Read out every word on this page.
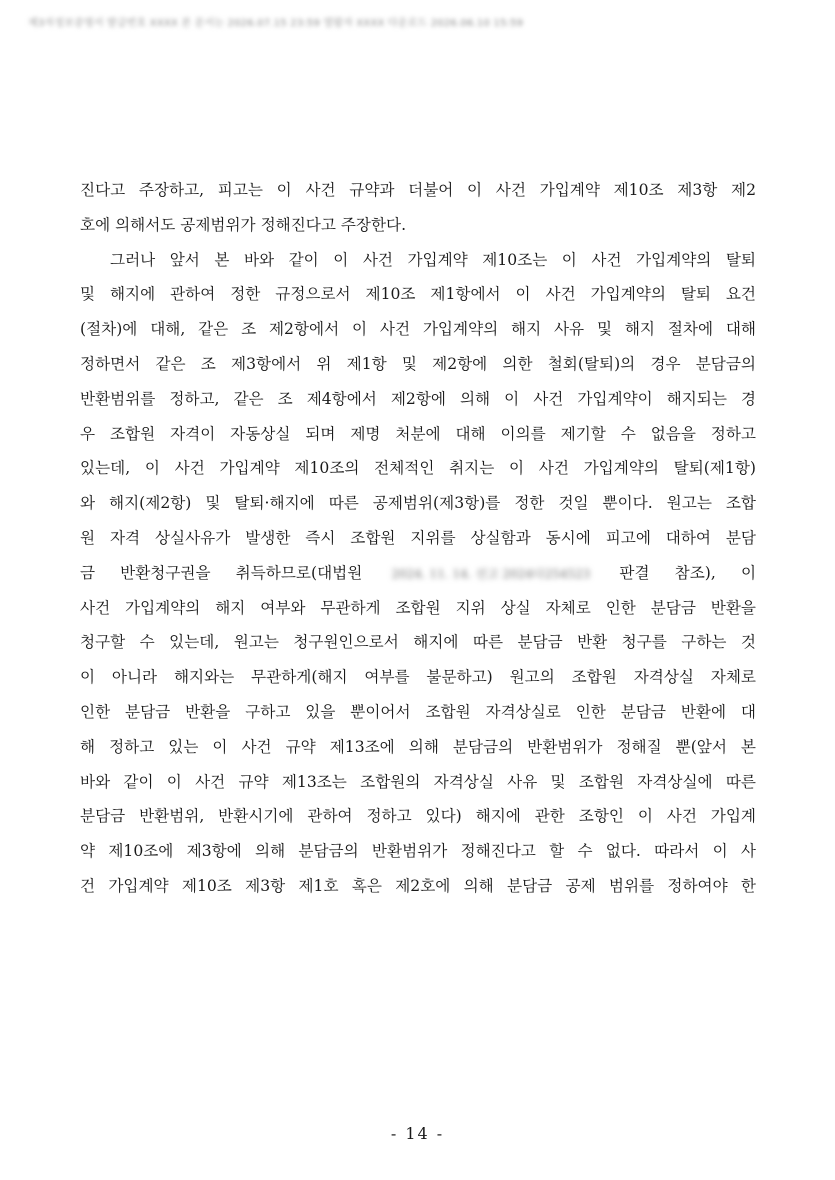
제3자정보증명서 발급번호 XXXX 본 문서는 2026.07.15 23:59 열람자 XXXX 다운로드 2026.06.10 15:59
진다고 주장하고, 피고는 이 사건 규약과 더불어 이 사건 가입계약 제10조 제3항 제2
호에 의해서도 공제범위가 정해진다고 주장한다.
그러나 앞서 본 바와 같이 이 사건 가입계약 제10조는 이 사건 가입계약의 탈퇴
및 해지에 관하여 정한 규정으로서 제10조 제1항에서 이 사건 가입계약의 탈퇴 요건
(절차)에 대해, 같은 조 제2항에서 이 사건 가입계약의 해지 사유 및 해지 절차에 대해
정하면서 같은 조 제3항에서 위 제1항 및 제2항에 의한 철회(탈퇴)의 경우 분담금의
반환범위를 정하고, 같은 조 제4항에서 제2항에 의해 이 사건 가입계약이 해지되는 경
우 조합원 자격이 자동상실 되며 제명 처분에 대해 이의를 제기할 수 없음을 정하고
있는데, 이 사건 가입계약 제10조의 전체적인 취지는 이 사건 가입계약의 탈퇴(제1항)
와 해지(제2항) 및 탈퇴·해지에 따른 공제범위(제3항)를 정한 것일 뿐이다. 원고는 조합
원 자격 상실사유가 발생한 즉시 조합원 지위를 상실함과 동시에 피고에 대하여 분담
금 반환청구권을 취득하므로(대법원 2024. 11. 14. 선고 2024다254523 판결 참조), 이
사건 가입계약의 해지 여부와 무관하게 조합원 지위 상실 자체로 인한 분담금 반환을
청구할 수 있는데, 원고는 청구원인으로서 해지에 따른 분담금 반환 청구를 구하는 것
이 아니라 해지와는 무관하게(해지 여부를 불문하고) 원고의 조합원 자격상실 자체로
인한 분담금 반환을 구하고 있을 뿐이어서 조합원 자격상실로 인한 분담금 반환에 대
해 정하고 있는 이 사건 규약 제13조에 의해 분담금의 반환범위가 정해질 뿐(앞서 본
바와 같이 이 사건 규약 제13조는 조합원의 자격상실 사유 및 조합원 자격상실에 따른
분담금 반환범위, 반환시기에 관하여 정하고 있다) 해지에 관한 조항인 이 사건 가입계
약 제10조에 제3항에 의해 분담금의 반환범위가 정해진다고 할 수 없다. 따라서 이 사
건 가입계약 제10조 제3항 제1호 혹은 제2호에 의해 분담금 공제 범위를 정하여야 한
- 14 -
